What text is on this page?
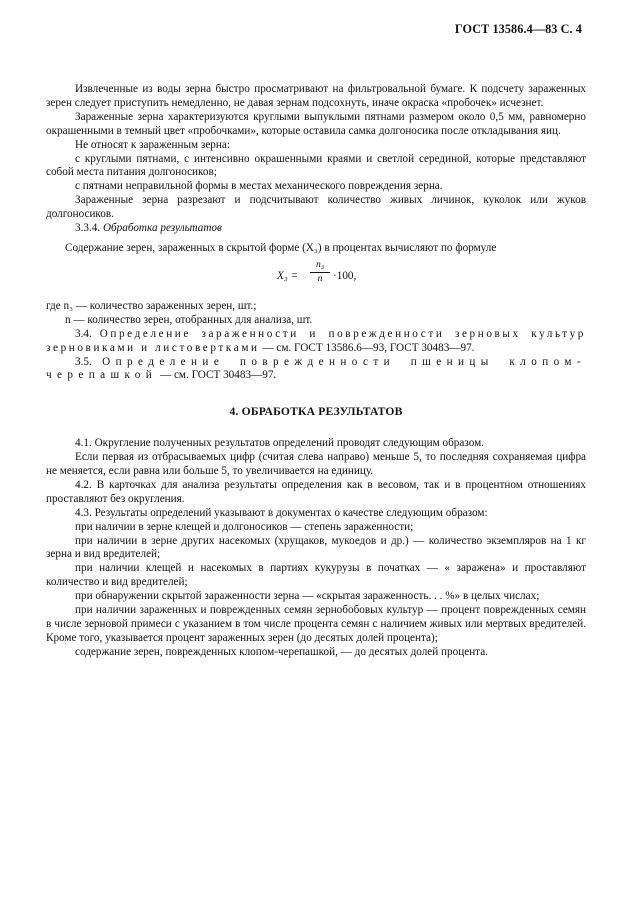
ГОСТ 13586.4—83 С. 4

Извлеченные из воды зерна быстро просматривают на фильтровальной бумаге. К подсчету зараженных зерен следует приступить немедленно, не давая зернам подсохнуть, иначе окраска «пробочек» исчезнет.

Зараженные зерна характеризуются круглыми выпуклыми пятнами размером около 0,5 мм, равномерно окрашенными в темный цвет «пробочками», которые оставила самка долгоносика после откладывания яиц.

Не относят к зараженным зерна:

с круглыми пятнами, с интенсивно окрашенными краями и светлой серединой, которые представляют собой места питания долгоносиков;

с пятнами неправильной формы в местах механического повреждения зерна.

Зараженные зерна разрезают и подсчитывают количество живых личинок, куколок или жуков долгоносиков.

3.3.4. Обработка результатов

Содержание зерен, зараженных в скрытой форме (X₃) в процентах вычисляют по формуле

X₃ =
n₃
n ·100,

где n₃ — количество зараженных зерен, шт.;

n — количество зерен, отобранных для анализа, шт.

3.4. Определение зараженности и поврежденности зерновых культур зерновиками и листовертками — см. ГОСТ 13586.6—93, ГОСТ 30483—97.

3.5. Определение поврежденности пшеницы клопом-черепашкой — см. ГОСТ 30483—97.

4. ОБРАБОТКА РЕЗУЛЬТАТОВ

4.1. Округление полученных результатов определений проводят следующим образом.

Если первая из отбрасываемых цифр (считая слева направо) меньше 5, то последняя сохраняемая цифра не меняется, если равна или больше 5, то увеличивается на единицу.

4.2. В карточках для анализа результаты определения как в весовом, так и в процентном отношениях проставляют без округления.

4.3. Результаты определений указывают в документах о качестве следующим образом:

при наличии в зерне клещей и долгоносиков — степень зараженности;

при наличии в зерне других насекомых (хрущаков, мукоедов и др.) — количество экземпляров на 1 кг зерна и вид вредителей;

при наличии клещей и насекомых в партиях кукурузы в початках — « заражена» и проставляют количество и вид вредителей;

при обнаружении скрытой зараженности зерна — «скрытая зараженность. . . %» в целых числах;

при наличии зараженных и поврежденных семян зернобобовых культур — процент поврежденных семян в числе зерновой примеси с указанием в том числе процента семян с наличием живых или мертвых вредителей. Кроме того, указывается процент зараженных зерен (до десятых долей процента);

содержание зерен, поврежденных клопом-черепашкой, — до десятых долей процента.
